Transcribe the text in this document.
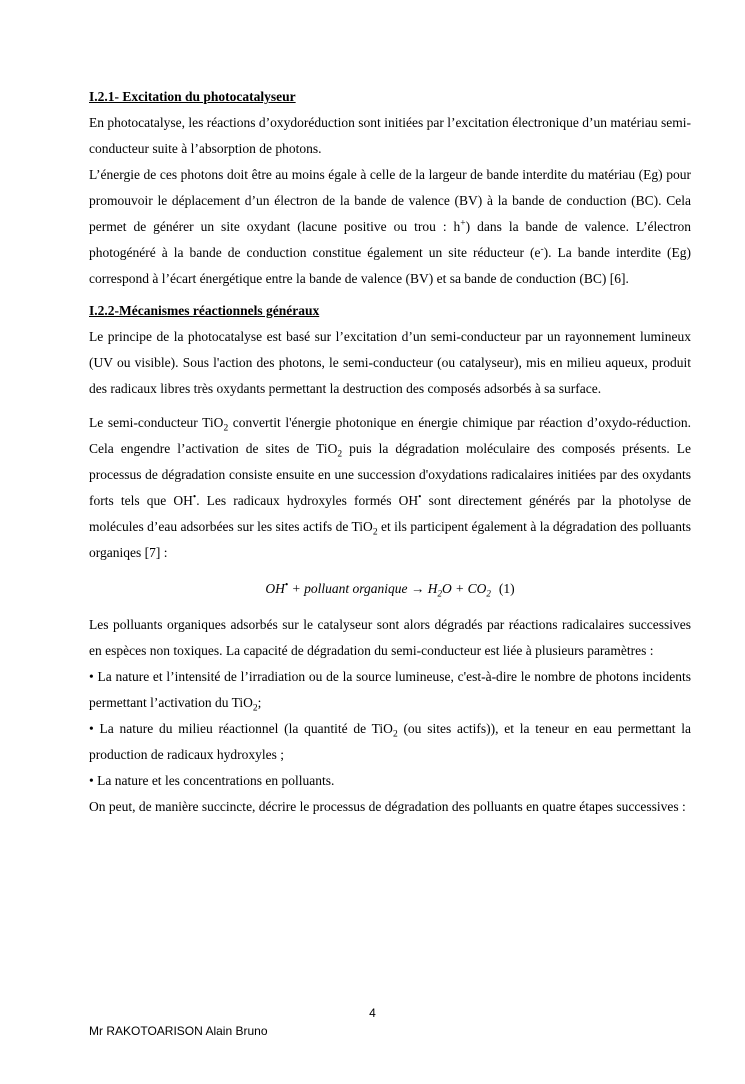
I.2.1- Excitation du photocatalyseur

En photocatalyse, les réactions d’oxydoréduction sont initiées par l’excitation électronique d’un matériau semi-conducteur suite à l’absorption de photons.

L’énergie de ces photons doit être au moins égale à celle de la largeur de bande interdite du matériau (Eg) pour promouvoir le déplacement d’un électron de la bande de valence (BV) à la bande de conduction (BC). Cela permet de générer un site oxydant (lacune positive ou trou : h+) dans la bande de valence. L’électron photogénéré à la bande de conduction constitue également un site réducteur (e-). La bande interdite (Eg) correspond à l’écart énergétique entre la bande de valence (BV) et sa bande de conduction (BC) [6].

I.2.2-Mécanismes réactionnels généraux

Le principe de la photocatalyse est basé sur l’excitation d’un semi-conducteur par un rayonnement lumineux (UV ou visible). Sous l'action des photons, le semi-conducteur (ou catalyseur), mis en milieu aqueux, produit des radicaux libres très oxydants permettant la destruction des composés adsorbés à sa surface.

Le semi-conducteur TiO$_2$ convertit l'énergie photonique en énergie chimique par réaction d’oxydo-réduction. Cela engendre l’activation de sites de TiO$_2$ puis la dégradation moléculaire des composés présents. Le processus de dégradation consiste ensuite en une succession d'oxydations radicalaires initiées par des oxydants forts tels que OH•. Les radicaux hydroxyles formés OH• sont directement générés par la photolyse de molécules d’eau adsorbées sur les sites actifs de TiO$_2$ et ils participent également à la dégradation des polluants organiqes [7] :

OH• + polluant organique → $H_2O + CO_2$ (1)

Les polluants organiques adsorbés sur le catalyseur sont alors dégradés par réactions radicalaires successives en espèces non toxiques. La capacité de dégradation du semi-conducteur est liée à plusieurs paramètres :

• La nature et l’intensité de l’irradiation ou de la source lumineuse, c'est-à-dire le nombre de photons incidents permettant l’activation du TiO$_2$;

• La nature du milieu réactionnel (la quantité de TiO$_2$ (ou sites actifs)), et la teneur en eau permettant la production de radicaux hydroxyles ;

• La nature et les concentrations en polluants.

On peut, de manière succincte, décrire le processus de dégradation des polluants en quatre étapes successives :

4
Mr RAKOTOARISON Alain Bruno
